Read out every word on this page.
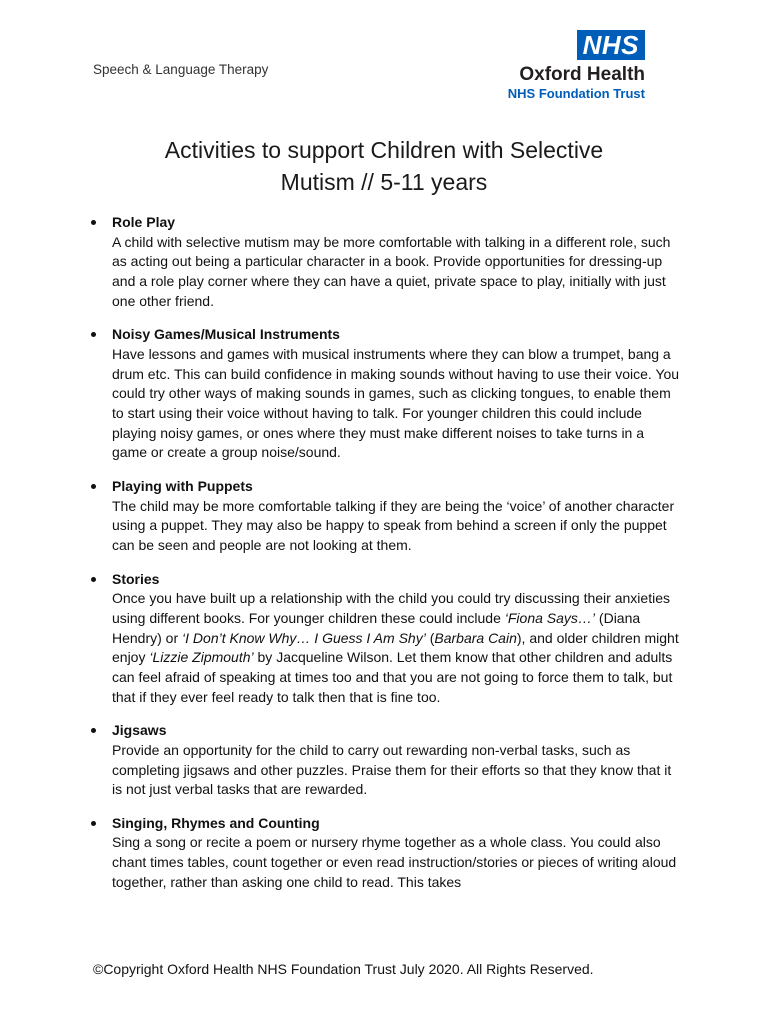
Speech & Language Therapy
NHS
Oxford Health
NHS Foundation Trust
Activities to support Children with Selective
Mutism // 5-11 years
Role Play
A child with selective mutism may be more comfortable with talking in a different role, such as acting out being a particular character in a book. Provide opportunities for dressing-up and a role play corner where they can have a quiet, private space to play, initially with just one other friend.
Noisy Games/Musical Instruments
Have lessons and games with musical instruments where they can blow a trumpet, bang a drum etc. This can build confidence in making sounds without having to use their voice. You could try other ways of making sounds in games, such as clicking tongues, to enable them to start using their voice without having to talk. For younger children this could include playing noisy games, or ones where they must make different noises to take turns in a game or create a group noise/sound.
Playing with Puppets
The child may be more comfortable talking if they are being the ‘voice’ of another character using a puppet. They may also be happy to speak from behind a screen if only the puppet can be seen and people are not looking at them.
Stories
Once you have built up a relationship with the child you could try discussing their anxieties using different books. For younger children these could include ‘Fiona Says…’ (Diana Hendry) or ‘I Don’t Know Why… I Guess I Am Shy’ (Barbara Cain), and older children might enjoy ‘Lizzie Zipmouth’ by Jacqueline Wilson. Let them know that other children and adults can feel afraid of speaking at times too and that you are not going to force them to talk, but that if they ever feel ready to talk then that is fine too.
Jigsaws
Provide an opportunity for the child to carry out rewarding non-verbal tasks, such as completing jigsaws and other puzzles. Praise them for their efforts so that they know that it is not just verbal tasks that are rewarded.
Singing, Rhymes and Counting
Sing a song or recite a poem or nursery rhyme together as a whole class. You could also chant times tables, count together or even read instruction/stories or pieces of writing aloud together, rather than asking one child to read. This takes
©Copyright Oxford Health NHS Foundation Trust July 2020. All Rights Reserved.
